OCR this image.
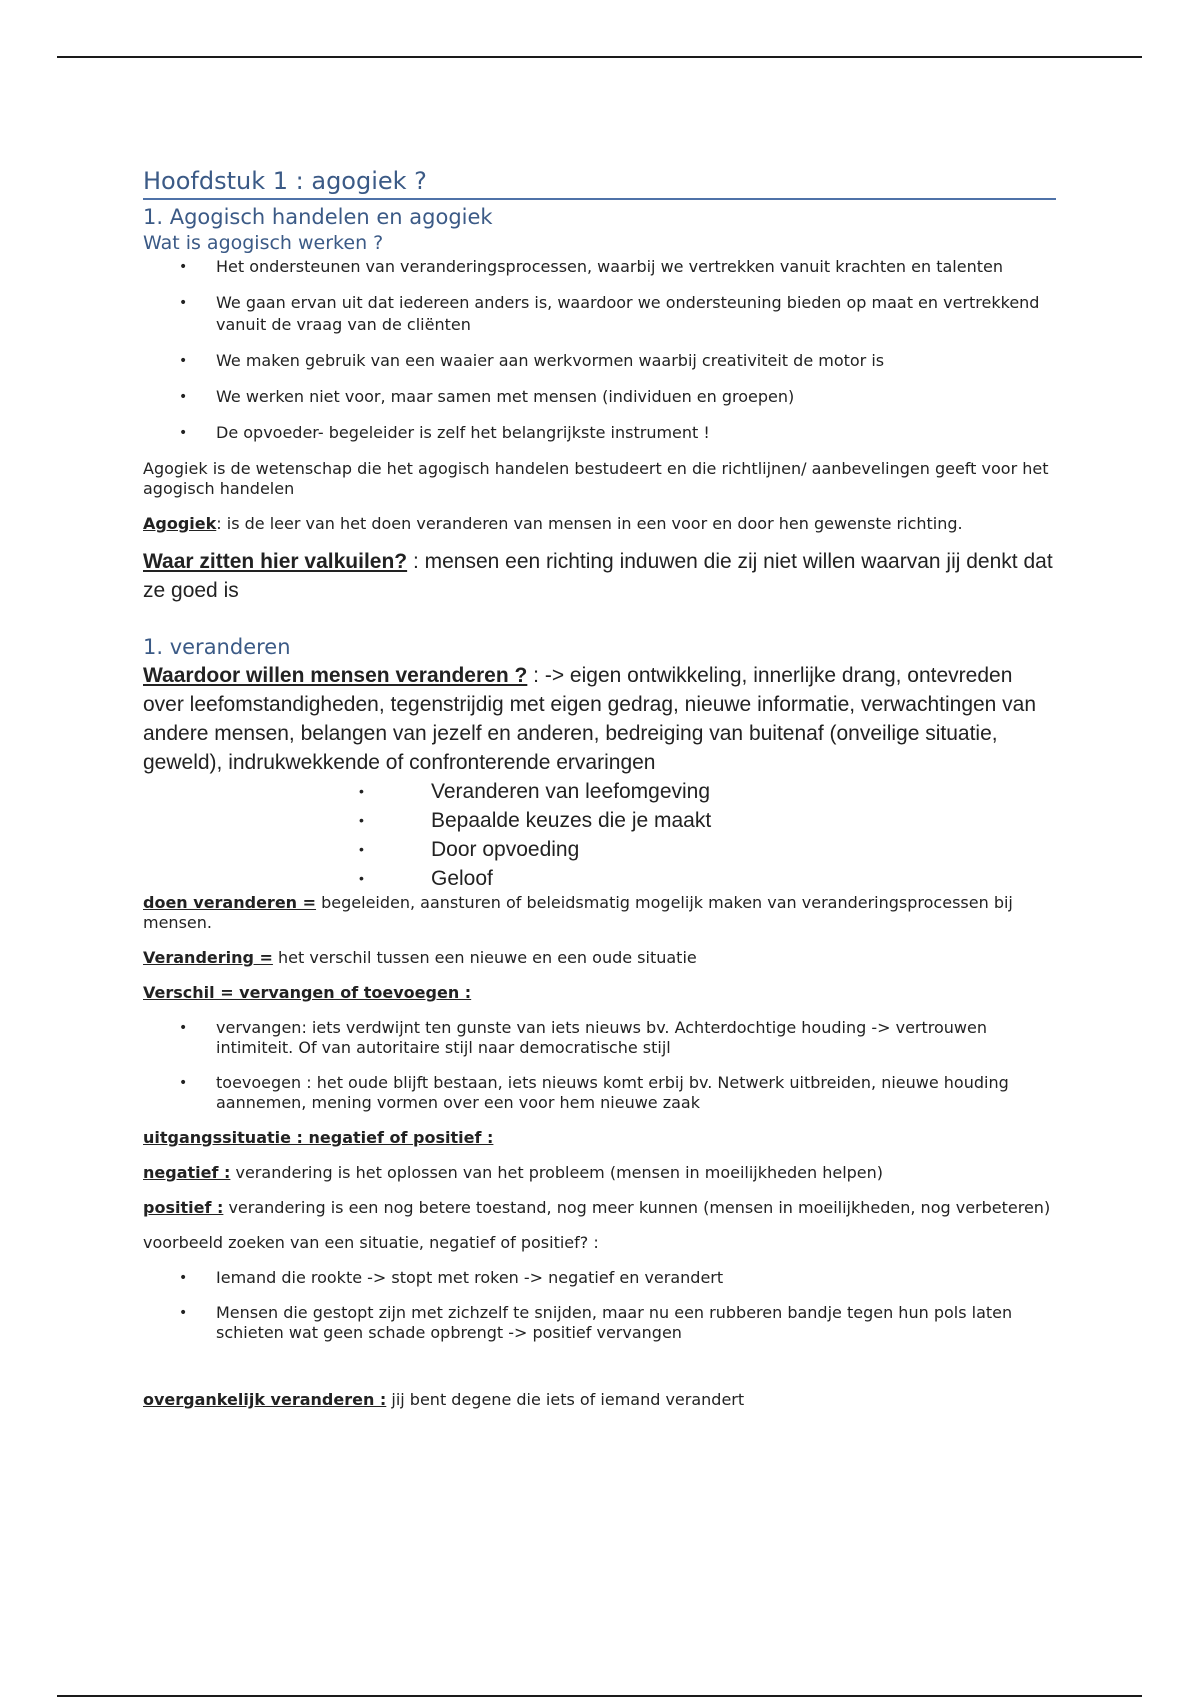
Hoofdstuk 1 : agogiek ?
1. Agogisch handelen en agogiek
Wat is agogisch werken ?
• Het ondersteunen van veranderingsprocessen, waarbij we vertrekken vanuit krachten en talenten
• We gaan ervan uit dat iedereen anders is, waardoor we ondersteuning bieden op maat en vertrekkend vanuit de vraag van de cliënten
• We maken gebruik van een waaier aan werkvormen waarbij creativiteit de motor is
• We werken niet voor, maar samen met mensen (individuen en groepen)
• De opvoeder- begeleider is zelf het belangrijkste instrument !

Agogiek is de wetenschap die het agogisch handelen bestudeert en die richtlijnen/ aanbevelingen geeft voor het agogisch handelen

Agogiek: is de leer van het doen veranderen van mensen in een voor en door hen gewenste richting.

Waar zitten hier valkuilen? : mensen een richting induwen die zij niet willen waarvan jij denkt dat ze goed is

1. veranderen

Waardoor willen mensen veranderen ? : -> eigen ontwikkeling, innerlijke drang, ontevreden over leefomstandigheden, tegenstrijdig met eigen gedrag, nieuwe informatie, verwachtingen van andere mensen, belangen van jezelf en anderen, bedreiging van buitenaf (onveilige situatie, geweld), indrukwekkende of confronterende ervaringen

•	Veranderen van leefomgeving
•	Bepaalde keuzes die je maakt
•	Door opvoeding
•	Geloof

doen veranderen = begeleiden, aansturen of beleidsmatig mogelijk maken van veranderingsprocessen bij mensen.

Verandering = het verschil tussen een nieuwe en een oude situatie

Verschil = vervangen of toevoegen :

• vervangen: iets verdwijnt ten gunste van iets nieuws bv. Achterdochtige houding -> vertrouwen intimiteit. Of van autoritaire stijl naar democratische stijl
• toevoegen : het oude blijft bestaan, iets nieuws komt erbij bv. Netwerk uitbreiden, nieuwe houding aannemen, mening vormen over een voor hem nieuwe zaak

uitgangssituatie : negatief of positief :

negatief : verandering is het oplossen van het probleem (mensen in moeilijkheden helpen)

positief : verandering is een nog betere toestand, nog meer kunnen (mensen in moeilijkheden, nog verbeteren)

voorbeeld zoeken van een situatie, negatief of positief? :

• Iemand die rookte -> stopt met roken -> negatief en verandert
• Mensen die gestopt zijn met zichzelf te snijden, maar nu een rubberen bandje tegen hun pols laten schieten wat geen schade opbrengt -> positief vervangen

overgankelijk veranderen : jij bent degene die iets of iemand verandert
